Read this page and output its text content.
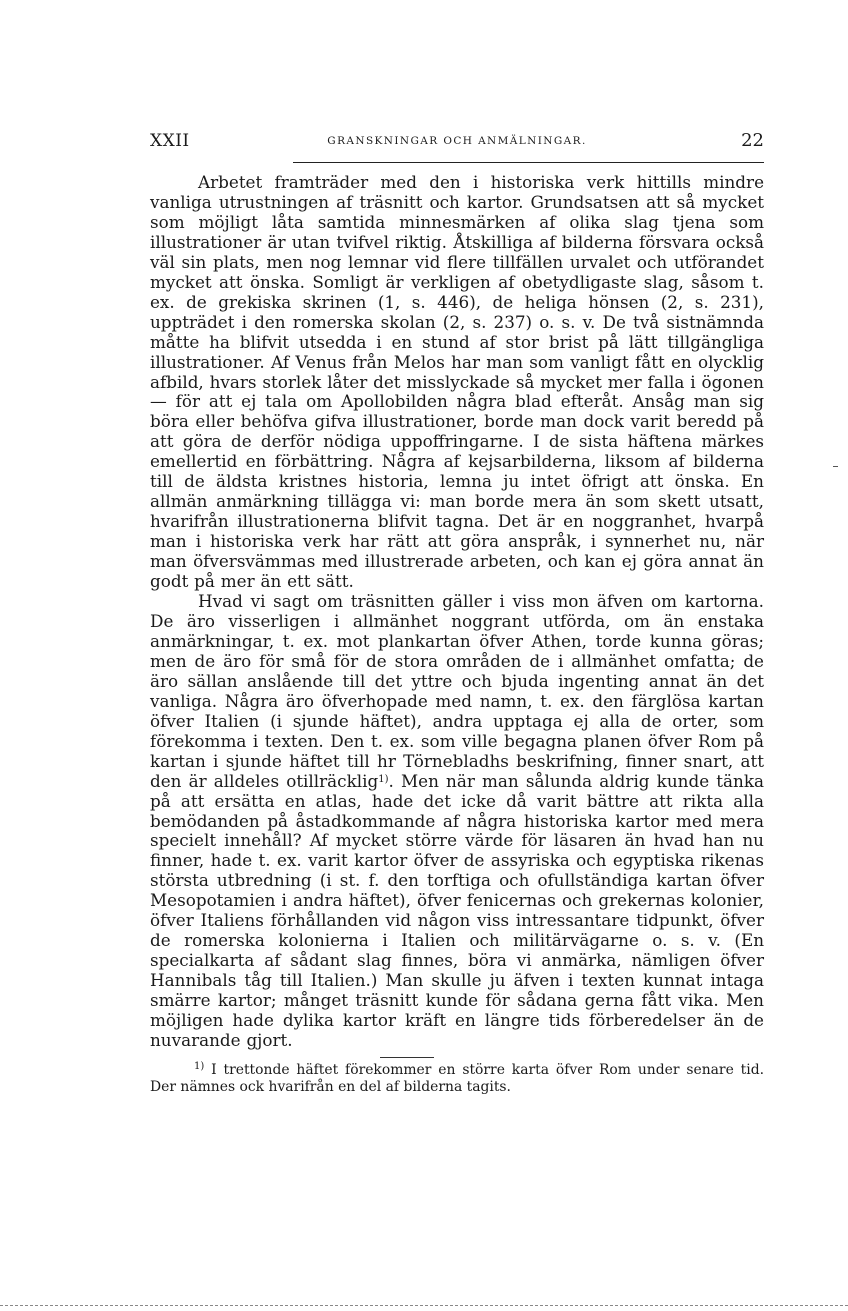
XXII	GRANSKNINGAR OCH ANMÄLNINGAR.	22

Arbetet framträder med den i historiska verk hittills mindre vanliga utrustningen af träsnitt och kartor. Grundsatsen att så mycket som möjligt låta samtida minnesmärken af olika slag tjena som illustrationer är utan tvifvel riktig. Åtskilliga af bilderna försvara också väl sin plats, men nog lemnar vid flere tillfällen urvalet och utförandet mycket att önska. Somligt är verkligen af obetydligaste slag, såsom t. ex. de grekiska skrinen (1, s. 446), de heliga hönsen (2, s. 231), uppträdet i den romerska skolan (2, s. 237) o. s. v. De två sistnämnda måtte ha blifvit utsedda i en stund af stor brist på lätt tillgängliga illustrationer. Af Venus från Melos har man som vanligt fått en olycklig afbild, hvars storlek låter det misslyckade så mycket mer falla i ögonen — för att ej tala om Apollobilden några blad efteråt. Ansåg man sig böra eller behöfva gifva illustrationer, borde man dock varit beredd på att göra de derför nödiga uppoffringarne. I de sista häftena märkes emellertid en förbättring. Några af kejsarbilderna, liksom af bilderna till de äldsta kristnes historia, lemna ju intet öfrigt att önska. En allmän anmärkning tillägga vi: man borde mera än som skett utsatt, hvarifrån illustrationerna blifvit tagna. Det är en noggranhet, hvarpå man i historiska verk har rätt att göra anspråk, i synnerhet nu, när man öfversvämmas med illustrerade arbeten, och kan ej göra annat än godt på mer än ett sätt.

Hvad vi sagt om träsnitten gäller i viss mon äfven om kartorna. De äro visserligen i allmänhet noggrant utförda, om än enstaka anmärkningar, t. ex. mot plankartan öfver Athen, torde kunna göras; men de äro för små för de stora områden de i allmänhet omfatta; de äro sällan anslående till det yttre och bjuda ingenting annat än det vanliga. Några äro öfverhopade med namn, t. ex. den färglösa kartan öfver Italien (i sjunde häftet), andra upptaga ej alla de orter, som förekomma i texten. Den t. ex. som ville begagna planen öfver Rom på kartan i sjunde häftet till hr Törnebladhs beskrifning, finner snart, att den är alldeles otillräcklig$^{1)}$. Men när man sålunda aldrig kunde tänka på att ersätta en atlas, hade det icke då varit bättre att rikta alla bemödanden på åstadkommande af några historiska kartor med mera specielt innehåll? Af mycket större värde för läsaren än hvad han nu finner, hade t. ex. varit kartor öfver de assyriska och egyptiska rikenas största utbredning (i st. f. den torftiga och ofullständiga kartan öfver Mesopotamien i andra häftet), öfver fenicernas och grekernas kolonier, öfver Italiens förhållanden vid någon viss intressantare tidpunkt, öfver de romerska kolonierna i Italien och militärvägarne o. s. v. (En specialkarta af sådant slag finnes, böra vi anmärka, nämligen öfver Hannibals tåg till Italien.) Man skulle ju äfven i texten kunnat intaga smärre kartor; månget träsnitt kunde för sådana gerna fått vika. Men möjligen hade dylika kartor kräft en längre tids förberedelser än de nuvarande gjort.

$^{1)}$ I trettonde häftet förekommer en större karta öfver Rom under senare tid. Der nämnes ock hvarifrån en del af bilderna tagits.
